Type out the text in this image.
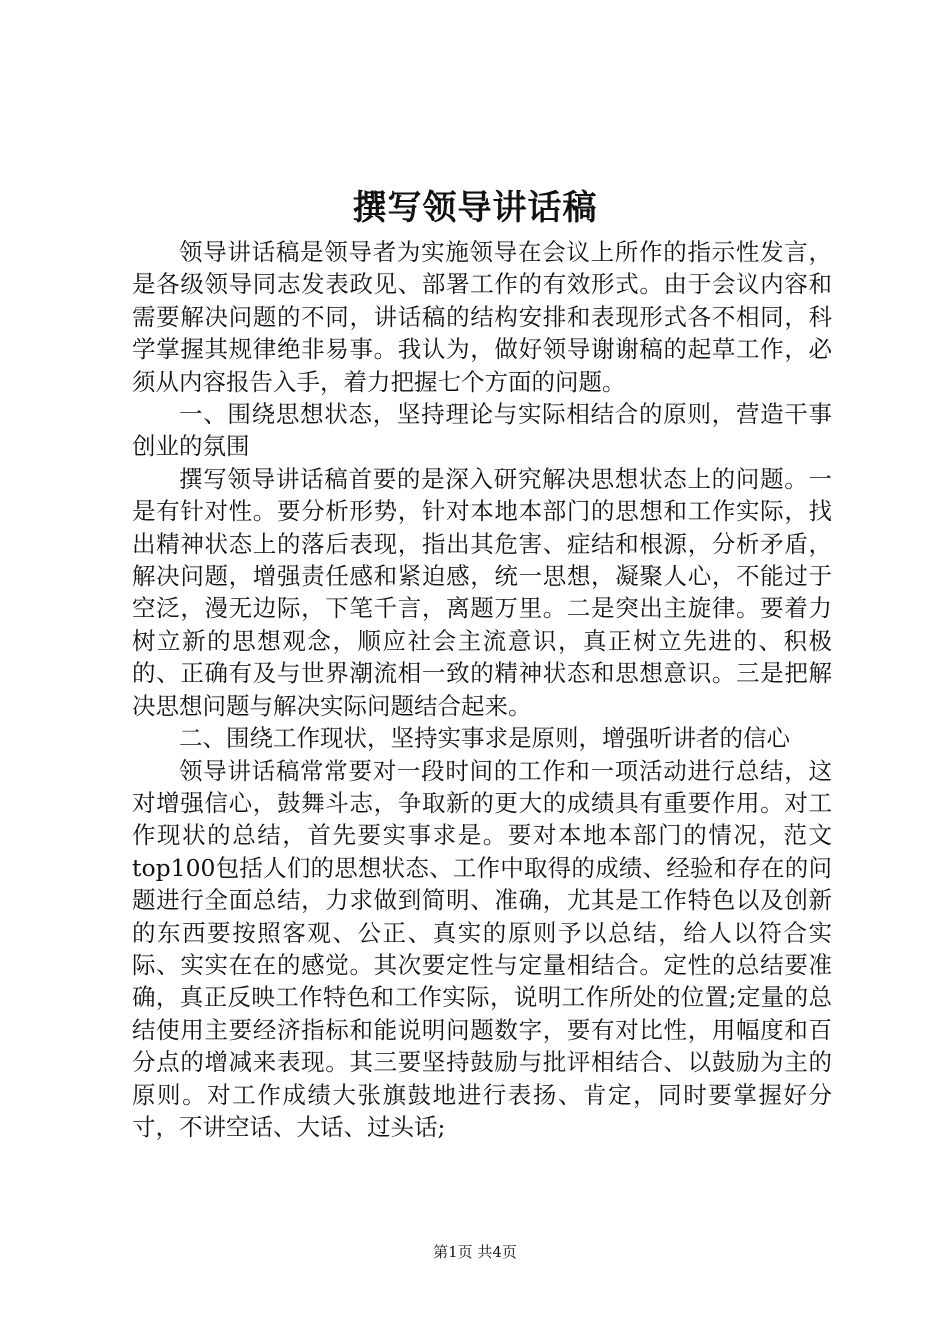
撰写领导讲话稿

领导讲话稿是领导者为实施领导在会议上所作的指示性发言，是各级领导同志发表政见、部署工作的有效形式。由于会议内容和需要解决问题的不同，讲话稿的结构安排和表现形式各不相同，科学掌握其规律绝非易事。我认为，做好领导谢谢稿的起草工作，必须从内容报告入手，着力把握七个方面的问题。

一、围绕思想状态，坚持理论与实际相结合的原则，营造干事创业的氛围

撰写领导讲话稿首要的是深入研究解决思想状态上的问题。一是有针对性。要分析形势，针对本地本部门的思想和工作实际，找出精神状态上的落后表现，指出其危害、症结和根源，分析矛盾，解决问题，增强责任感和紧迫感，统一思想，凝聚人心，不能过于空泛，漫无边际，下笔千言，离题万里。二是突出主旋律。要着力树立新的思想观念，顺应社会主流意识，真正树立先进的、积极的、正确有及与世界潮流相一致的精神状态和思想意识。三是把解决思想问题与解决实际问题结合起来。

二、围绕工作现状，坚持实事求是原则，增强听讲者的信心

领导讲话稿常常要对一段时间的工作和一项活动进行总结，这对增强信心，鼓舞斗志，争取新的更大的成绩具有重要作用。对工作现状的总结，首先要实事求是。要对本地本部门的情况，范文top100包括人们的思想状态、工作中取得的成绩、经验和存在的问题进行全面总结，力求做到简明、准确，尤其是工作特色以及创新的东西要按照客观、公正、真实的原则予以总结，给人以符合实际、实实在在的感觉。其次要定性与定量相结合。定性的总结要准确，真正反映工作特色和工作实际，说明工作所处的位置;定量的总结使用主要经济指标和能说明问题数字，要有对比性，用幅度和百分点的增减来表现。其三要坚持鼓励与批评相结合、以鼓励为主的原则。对工作成绩大张旗鼓地进行表扬、肯定，同时要掌握好分寸，不讲空话、大话、过头话;

第1页 共4页
